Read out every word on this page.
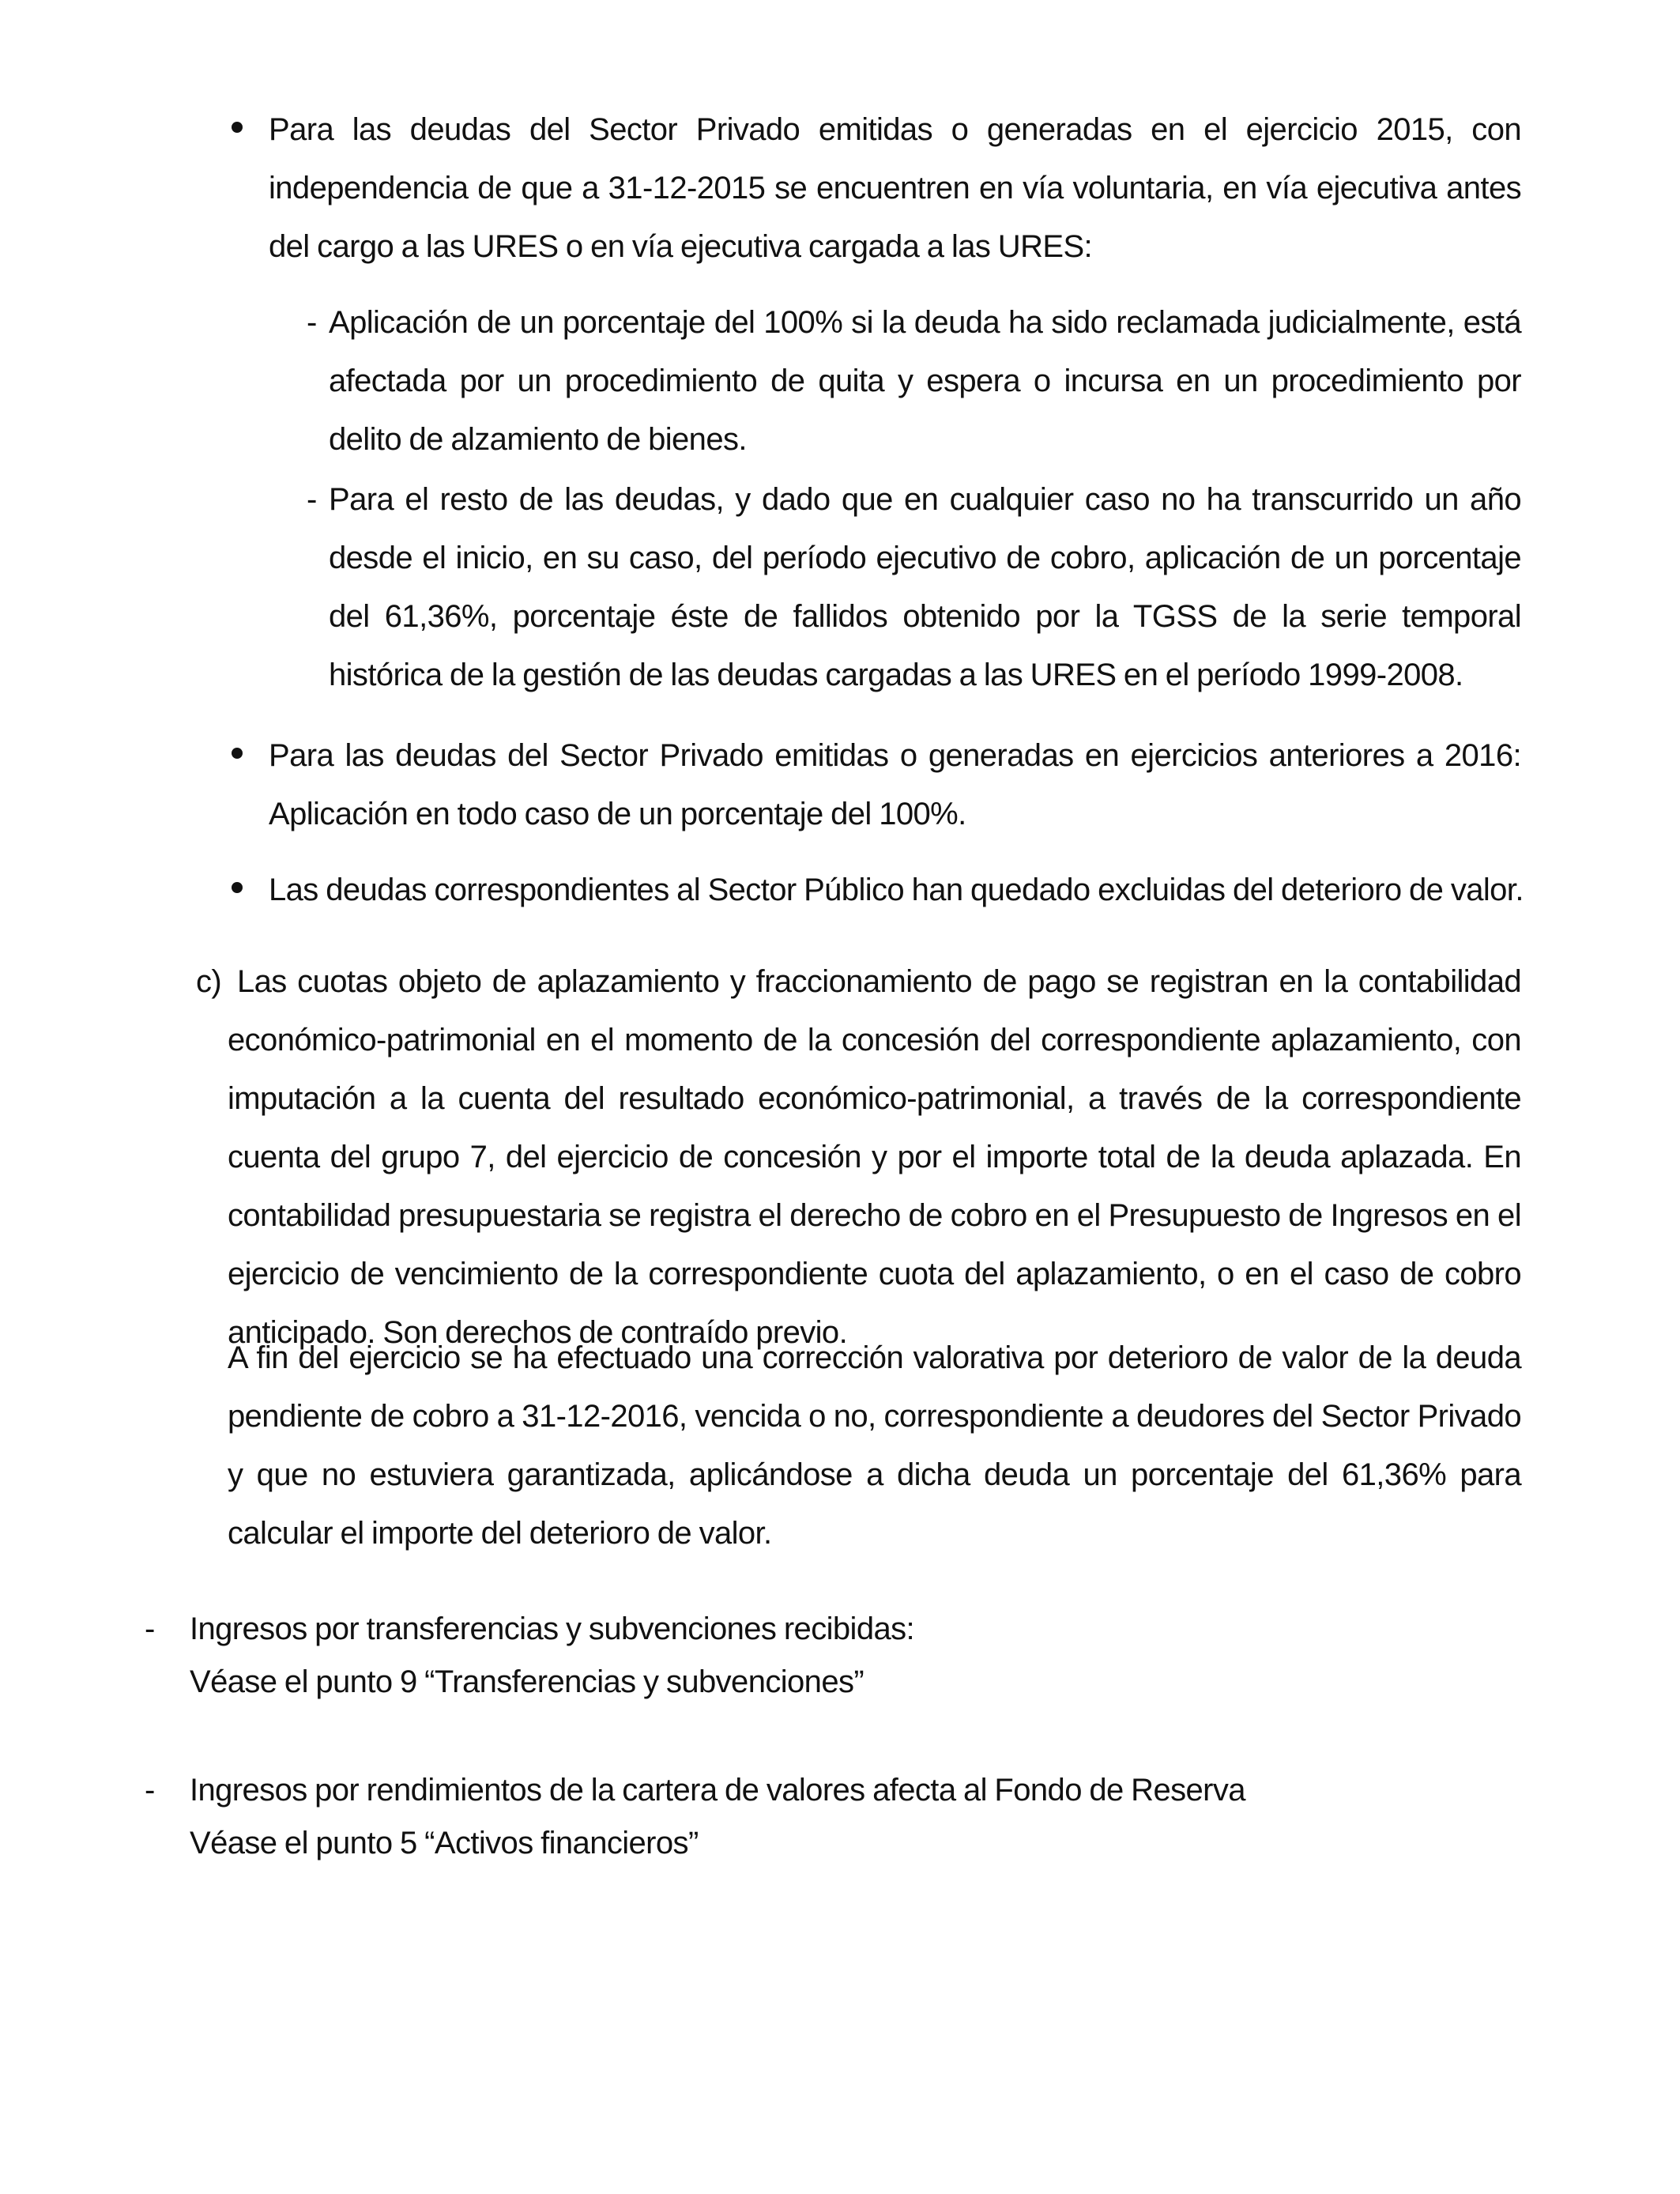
Para las deudas del Sector Privado emitidas o generadas en el ejercicio 2015, con independencia de que a 31-12-2015 se encuentren en vía voluntaria, en vía ejecutiva antes del cargo a las URES o en vía ejecutiva cargada a las URES:
- Aplicación de un porcentaje del 100% si la deuda ha sido reclamada judicialmente, está afectada por un procedimiento de quita y espera o incursa en un procedimiento por delito de alzamiento de bienes.
- Para el resto de las deudas, y dado que en cualquier caso no ha transcurrido un año desde el inicio, en su caso, del período ejecutivo de cobro, aplicación de un porcentaje del 61,36%, porcentaje éste de fallidos obtenido por la TGSS de la serie temporal histórica de la gestión de las deudas cargadas a las URES en el período 1999-2008.
Para las deudas del Sector Privado emitidas o generadas en ejercicios anteriores a 2016: Aplicación en todo caso de un porcentaje del 100%.
Las deudas correspondientes al Sector Público han quedado excluidas del deterioro de valor.
c) Las cuotas objeto de aplazamiento y fraccionamiento de pago se registran en la contabilidad económico-patrimonial en el momento de la concesión del correspondiente aplazamiento, con imputación a la cuenta del resultado económico-patrimonial, a través de la correspondiente cuenta del grupo 7, del ejercicio de concesión y por el importe total de la deuda aplazada. En contabilidad presupuestaria se registra el derecho de cobro en el Presupuesto de Ingresos en el ejercicio de vencimiento de la correspondiente cuota del aplazamiento, o en el caso de cobro anticipado. Son derechos de contraído previo.
A fin del ejercicio se ha efectuado una corrección valorativa por deterioro de valor de la deuda pendiente de cobro a 31-12-2016, vencida o no, correspondiente a deudores del Sector Privado y que no estuviera garantizada, aplicándose a dicha deuda un porcentaje del 61,36% para calcular el importe del deterioro de valor.
- Ingresos por transferencias y subvenciones recibidas:
Véase el punto 9 “Transferencias y subvenciones”
- Ingresos por rendimientos de la cartera de valores afecta al Fondo de Reserva
Véase el punto 5 “Activos financieros”
